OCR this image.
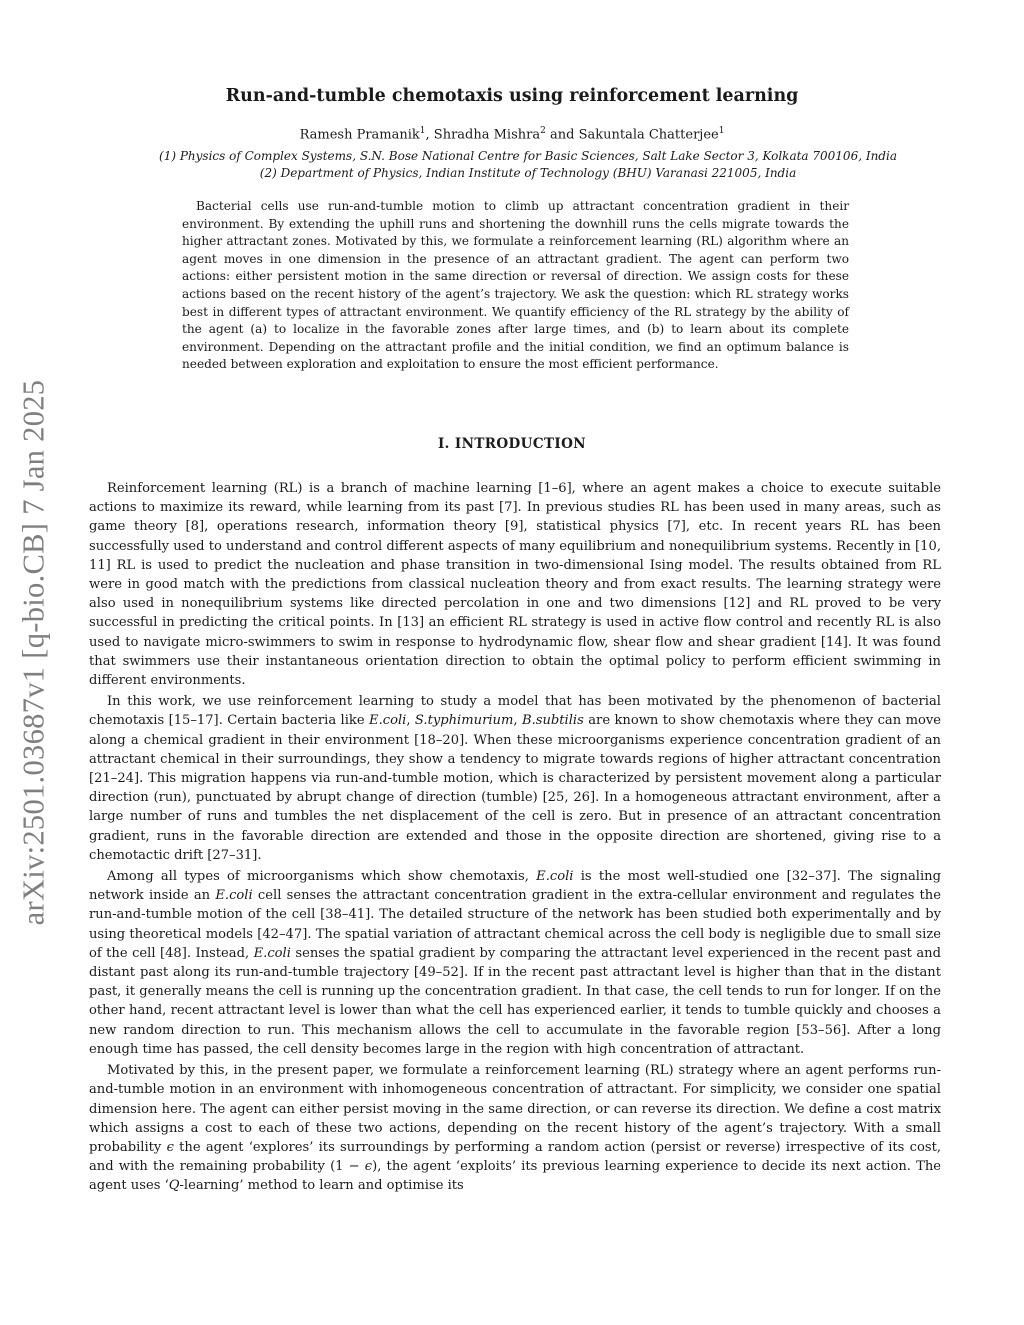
arXiv:2501.03687v1 [q-bio.CB] 7 Jan 2025
Run-and-tumble chemotaxis using reinforcement learning
Ramesh Pramanik$^1$, Shradha Mishra$^2$ and Sakuntala Chatterjee$^1$
(1) Physics of Complex Systems, S.N. Bose National Centre for Basic Sciences, Salt Lake Sector 3, Kolkata 700106, India
(2) Department of Physics, Indian Institute of Technology (BHU) Varanasi 221005, India

Bacterial cells use run-and-tumble motion to climb up attractant concentration gradient in their environment. By extending the uphill runs and shortening the downhill runs the cells migrate towards the higher attractant zones. Motivated by this, we formulate a reinforcement learning (RL) algorithm where an agent moves in one dimension in the presence of an attractant gradient. The agent can perform two actions: either persistent motion in the same direction or reversal of direction. We assign costs for these actions based on the recent history of the agent’s trajectory. We ask the question: which RL strategy works best in different types of attractant environment. We quantify efficiency of the RL strategy by the ability of the agent (a) to localize in the favorable zones after large times, and (b) to learn about its complete environment. Depending on the attractant profile and the initial condition, we find an optimum balance is needed between exploration and exploitation to ensure the most efficient performance.

I. INTRODUCTION

Reinforcement learning (RL) is a branch of machine learning [1–6], where an agent makes a choice to execute suitable actions to maximize its reward, while learning from its past [7]. In previous studies RL has been used in many areas, such as game theory [8], operations research, information theory [9], statistical physics [7], etc. In recent years RL has been successfully used to understand and control different aspects of many equilibrium and nonequilibrium systems. Recently in [10, 11] RL is used to predict the nucleation and phase transition in two-dimensional Ising model. The results obtained from RL were in good match with the predictions from classical nucleation theory and from exact results. The learning strategy were also used in nonequilibrium systems like directed percolation in one and two dimensions [12] and RL proved to be very successful in predicting the critical points. In [13] an efficient RL strategy is used in active flow control and recently RL is also used to navigate micro-swimmers to swim in response to hydrodynamic flow, shear flow and shear gradient [14]. It was found that swimmers use their instantaneous orientation direction to obtain the optimal policy to perform efficient swimming in different environments.

In this work, we use reinforcement learning to study a model that has been motivated by the phenomenon of bacterial chemotaxis [15–17]. Certain bacteria like E.coli, S.typhimurium, B.subtilis are known to show chemotaxis where they can move along a chemical gradient in their environment [18–20]. When these microorganisms experience concentration gradient of an attractant chemical in their surroundings, they show a tendency to migrate towards regions of higher attractant concentration [21–24]. This migration happens via run-and-tumble motion, which is characterized by persistent movement along a particular direction (run), punctuated by abrupt change of direction (tumble) [25, 26]. In a homogeneous attractant environment, after a large number of runs and tumbles the net displacement of the cell is zero. But in presence of an attractant concentration gradient, runs in the favorable direction are extended and those in the opposite direction are shortened, giving rise to a chemotactic drift [27–31].

Among all types of microorganisms which show chemotaxis, E.coli is the most well-studied one [32–37]. The signaling network inside an E.coli cell senses the attractant concentration gradient in the extra-cellular environment and regulates the run-and-tumble motion of the cell [38–41]. The detailed structure of the network has been studied both experimentally and by using theoretical models [42–47]. The spatial variation of attractant chemical across the cell body is negligible due to small size of the cell [48]. Instead, E.coli senses the spatial gradient by comparing the attractant level experienced in the recent past and distant past along its run-and-tumble trajectory [49–52]. If in the recent past attractant level is higher than that in the distant past, it generally means the cell is running up the concentration gradient. In that case, the cell tends to run for longer. If on the other hand, recent attractant level is lower than what the cell has experienced earlier, it tends to tumble quickly and chooses a new random direction to run. This mechanism allows the cell to accumulate in the favorable region [53–56]. After a long enough time has passed, the cell density becomes large in the region with high concentration of attractant.

Motivated by this, in the present paper, we formulate a reinforcement learning (RL) strategy where an agent performs run-and-tumble motion in an environment with inhomogeneous concentration of attractant. For simplicity, we consider one spatial dimension here. The agent can either persist moving in the same direction, or can reverse its direction. We define a cost matrix which assigns a cost to each of these two actions, depending on the recent history of the agent’s trajectory. With a small probability ϵ the agent ‘explores’ its surroundings by performing a random action (persist or reverse) irrespective of its cost, and with the remaining probability (1 − ϵ), the agent ‘exploits’ its previous learning experience to decide its next action. The agent uses ‘Q-learning’ method to learn and optimise its
